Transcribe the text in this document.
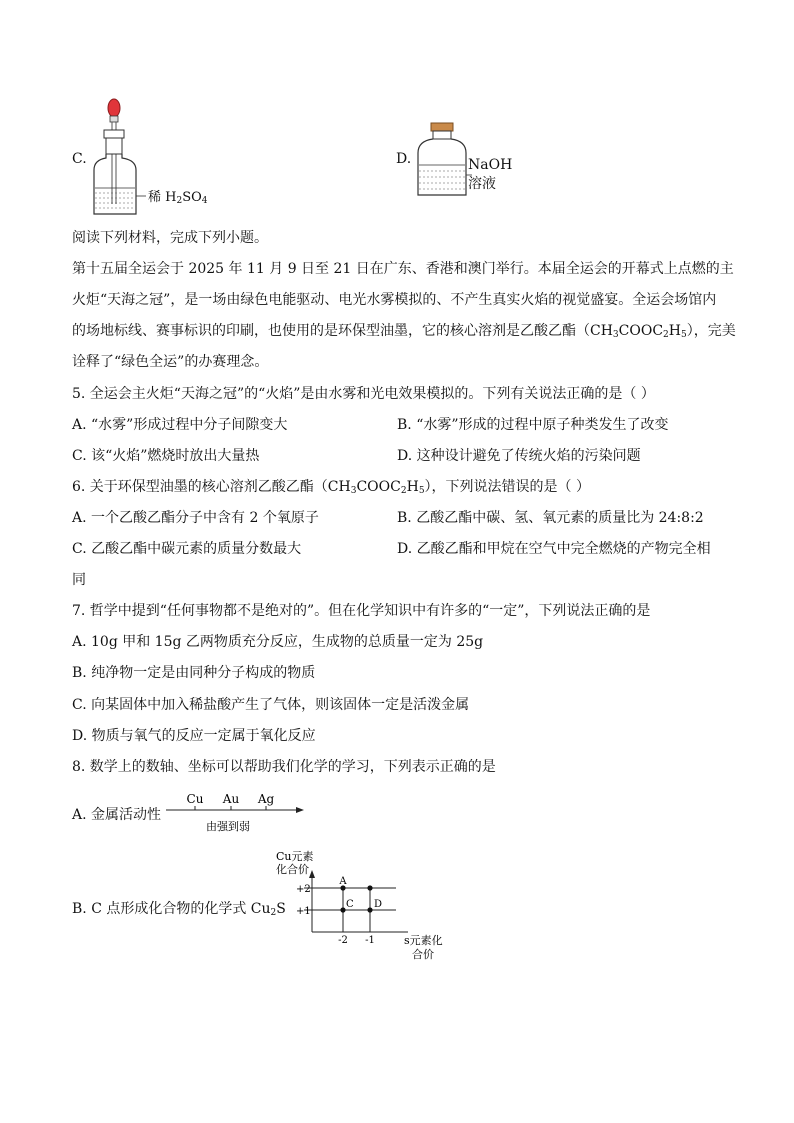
C.
稀 $H_2SO_4$
D.	NaOH
溶液
阅读下列材料，完成下列小题。
第十五届全运会于 2025 年 11 月 9 日至 21 日在广东、香港和澳门举行。本届全运会的开幕式上点燃的主
火炬“天海之冠”，是一场由绿色电能驱动、电光水雾模拟的、不产生真实火焰的视觉盛宴。全运会场馆内
的场地标线、赛事标识的印刷，也使用的是环保型油墨，它的核心溶剂是乙酸乙酯$(CH_3COOC_2H_5)$，完美
诠释了“绿色全运”的办赛理念。
5. 全运会主火炬“天海之冠”的“火焰”是由水雾和光电效果模拟的。下列有关说法正确的是（ ）
A. “水雾”形成过程中分子间隙变大	B. “水雾”形成的过程中原子种类发生了改变
C. 该“火焰”燃烧时放出大量热	D. 这种设计避免了传统火焰的污染问题
6. 关于环保型油墨的核心溶剂乙酸乙酯$(CH_3COOC_2H_5)$，下列说法错误的是（ ）
A. 一个乙酸乙酯分子中含有 2 个氧原子	B. 乙酸乙酯中碳、氢、氧元素的质量比为 24:8:2
C. 乙酸乙酯中碳元素的质量分数最大	D. 乙酸乙酯和甲烷在空气中完全燃烧的产物完全相
同
7. 哲学中提到“任何事物都不是绝对的”。但在化学知识中有许多的“一定”，下列说法正确的是
A. 10g 甲和 15g 乙两物质充分反应，生成物的总质量一定为 25g
B. 纯净物一定是由同种分子构成的物质
C. 向某固体中加入稀盐酸产生了气体，则该固体一定是活泼金属
D. 物质与氧气的反应一定属于氧化反应
8. 数学上的数轴、坐标可以帮助我们化学的学习，下列表示正确的是
A. 金属活动性
Cu Au Ag
由强到弱
B. C 点形成化合物的化学式 $Cu_2S$
Cu元素
化合价
+2
+1
-2 -1
A
C D
s元素化
合价
